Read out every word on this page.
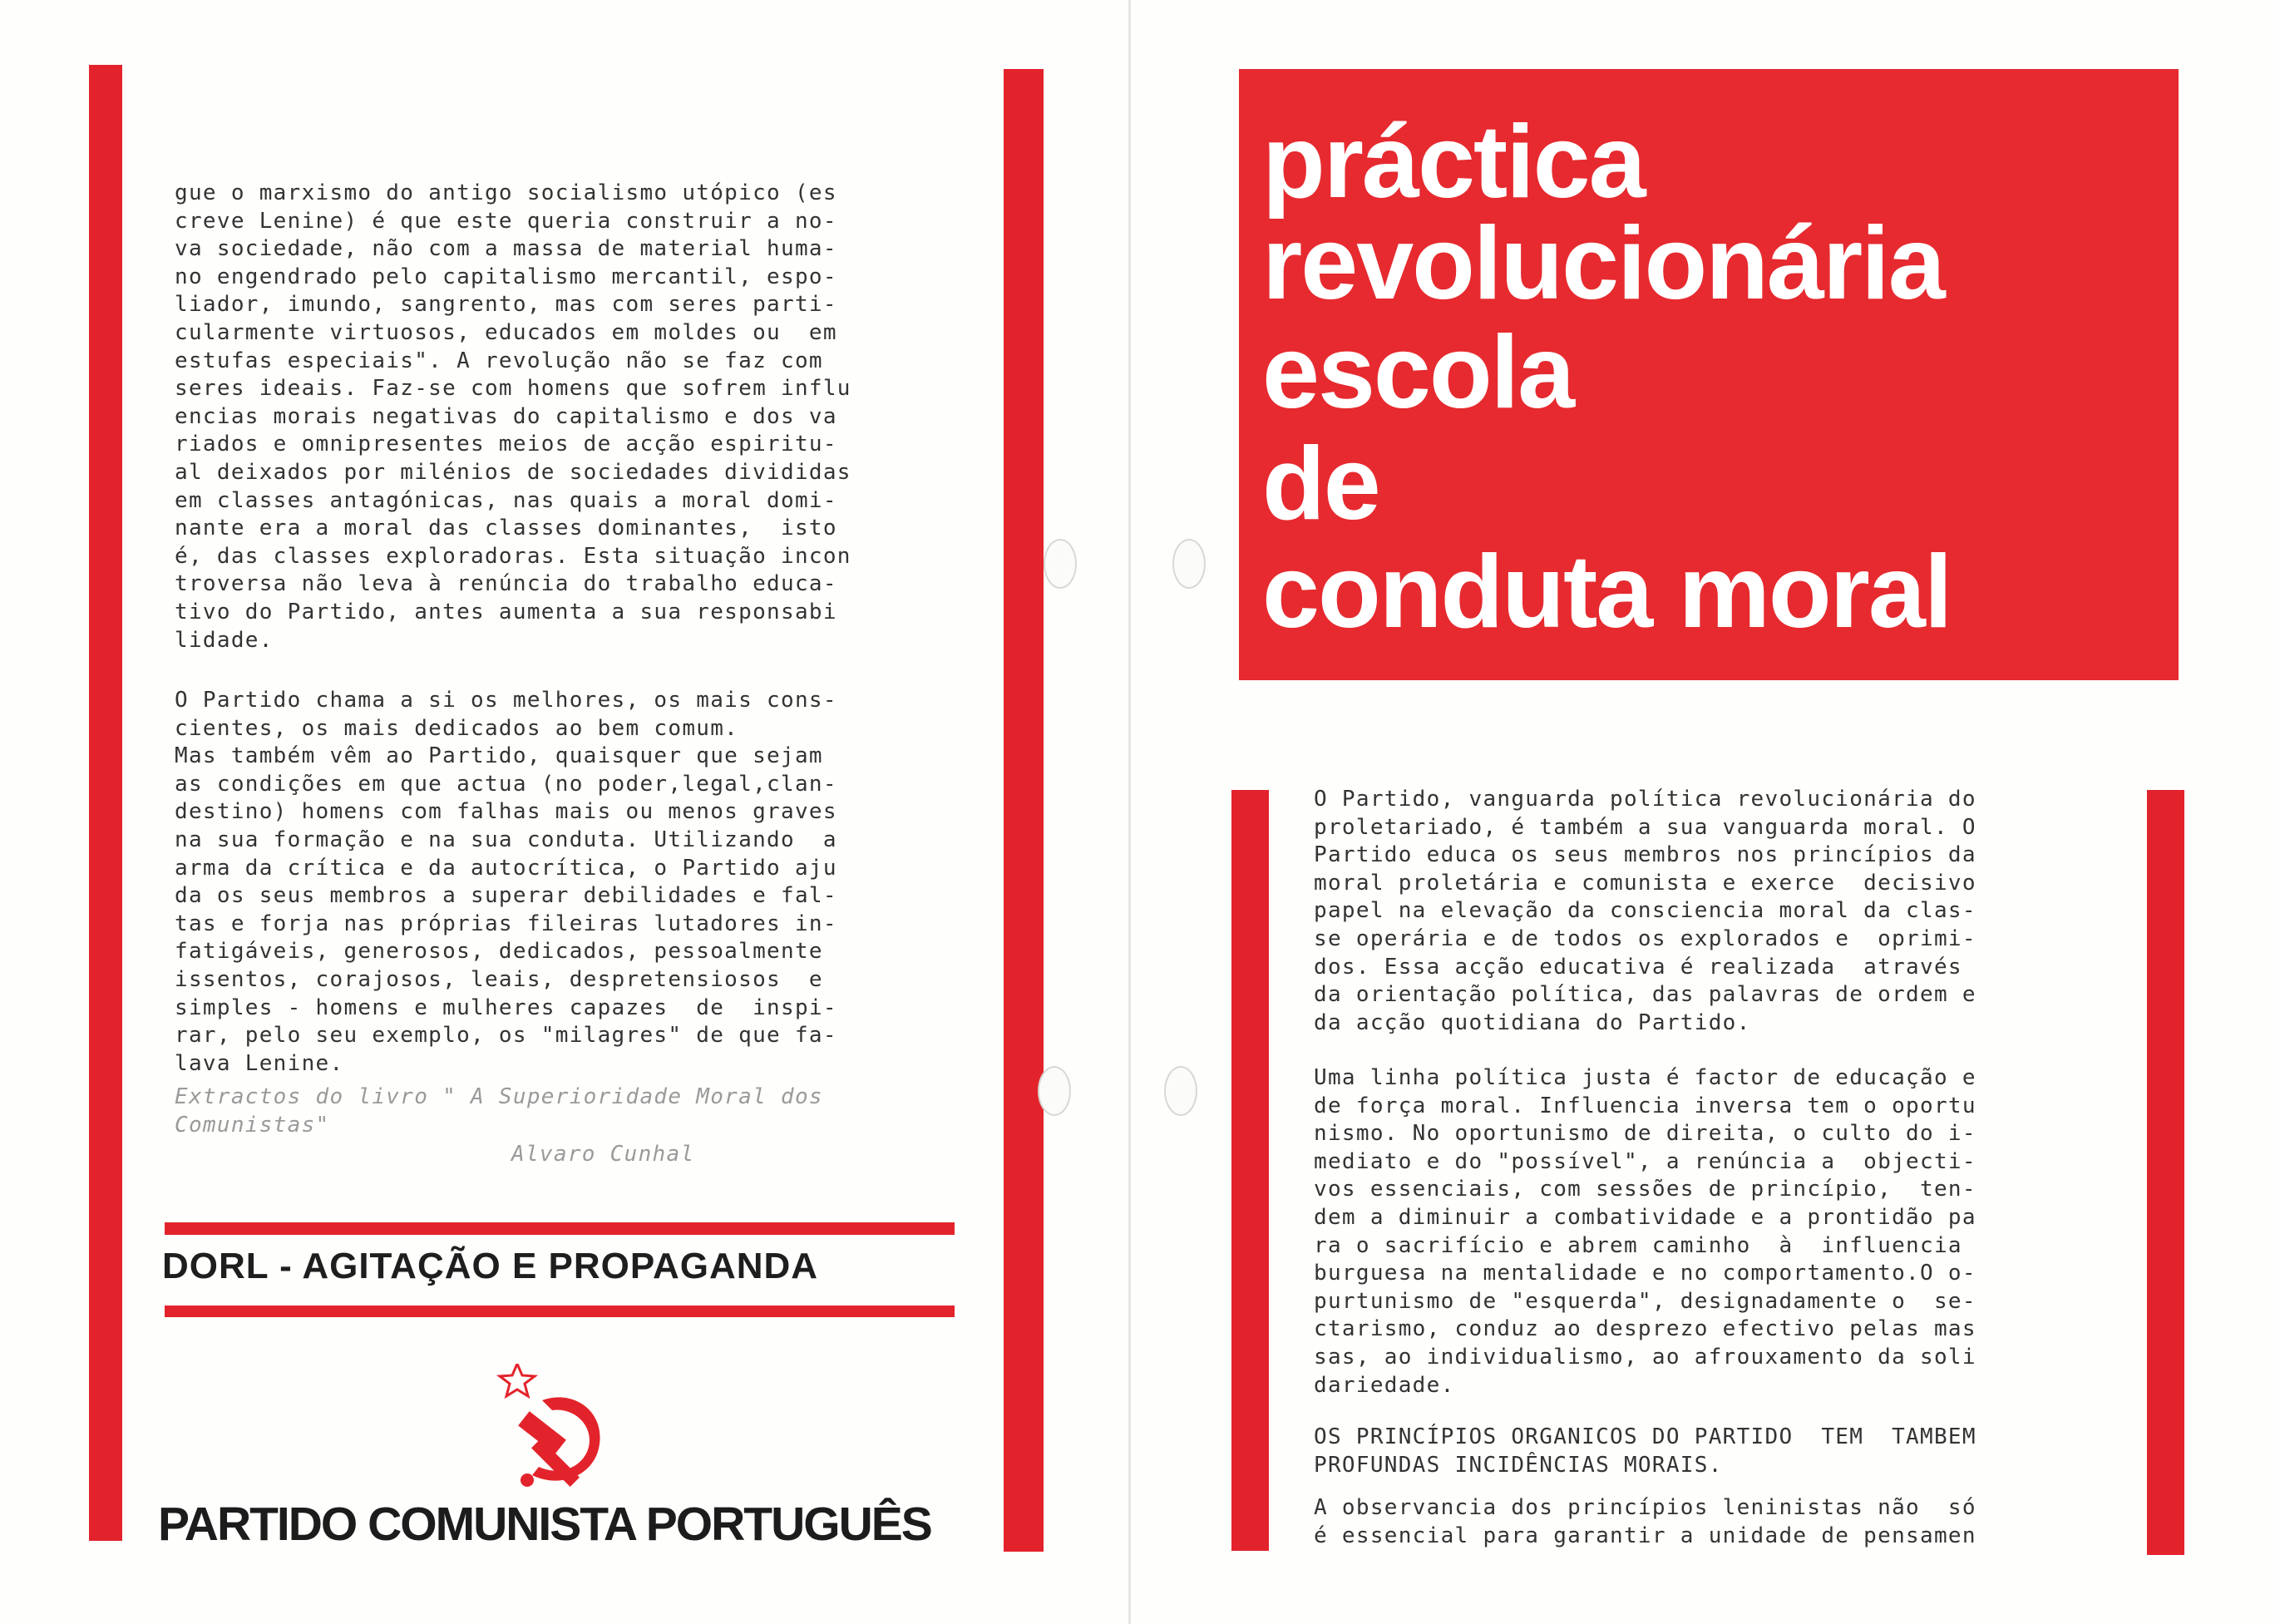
gue o marxismo do antigo socialismo utópico (es
creve Lenine) é que este queria construir a no-
va sociedade, não com a massa de material huma-
no engendrado pelo capitalismo mercantil, espo-
liador, imundo, sangrento, mas com seres parti-
cularmente virtuosos, educados em moldes ou  em
estufas especiais". A revolução não se faz com
seres ideais. Faz-se com homens que sofrem influ
encias morais negativas do capitalismo e dos va
riados e omnipresentes meios de acção espiritu-
al deixados por milénios de sociedades divididas
em classes antagónicas, nas quais a moral domi-
nante era a moral das classes dominantes,  isto
é, das classes exploradoras. Esta situação incon
troversa não leva à renúncia do trabalho educa-
tivo do Partido, antes aumenta a sua responsabi
lidade.
O Partido chama a si os melhores, os mais cons-
cientes, os mais dedicados ao bem comum.
Mas também vêm ao Partido, quaisquer que sejam
as condições em que actua (no poder,legal,clan-
destino) homens com falhas mais ou menos graves
na sua formação e na sua conduta. Utilizando  a
arma da crítica e da autocrítica, o Partido aju
da os seus membros a superar debilidades e fal-
tas e forja nas próprias fileiras lutadores in-
fatigáveis, generosos, dedicados, pessoalmente
issentos, corajosos, leais, despretensiosos  e
simples - homens e mulheres capazes  de  inspi-
rar, pelo seu exemplo, os "milagres" de que fa-
lava Lenine.
Extractos do livro " A Superioridade Moral dos
Comunistas"
Alvaro Cunhal
DORL - AGITAÇÃO E PROPAGANDA
PARTIDO COMUNISTA PORTUGUÊS
práctica
revolucionária
escola
de
conduta moral
O Partido, vanguarda política revolucionária do
proletariado, é também a sua vanguarda moral. O
Partido educa os seus membros nos princípios da
moral proletária e comunista e exerce  decisivo
papel na elevação da consciencia moral da clas-
se operária e de todos os explorados e  oprimi-
dos. Essa acção educativa é realizada  através
da orientação política, das palavras de ordem e
da acção quotidiana do Partido.
Uma linha política justa é factor de educação e
de força moral. Influencia inversa tem o oportu
nismo. No oportunismo de direita, o culto do i-
mediato e do "possível", a renúncia a  objecti-
vos essenciais, com sessões de princípio,  ten-
dem a diminuir a combatividade e a prontidão pa
ra o sacrifício e abrem caminho  à  influencia
burguesa na mentalidade e no comportamento.O o-
purtunismo de "esquerda", designadamente o  se-
ctarismo, conduz ao desprezo efectivo pelas mas
sas, ao individualismo, ao afrouxamento da soli
dariedade.
OS PRINCÍPIOS ORGANICOS DO PARTIDO  TEM  TAMBEM
PROFUNDAS INCIDÊNCIAS MORAIS.
A observancia dos princípios leninistas não  só
é essencial para garantir a unidade de pensamen
